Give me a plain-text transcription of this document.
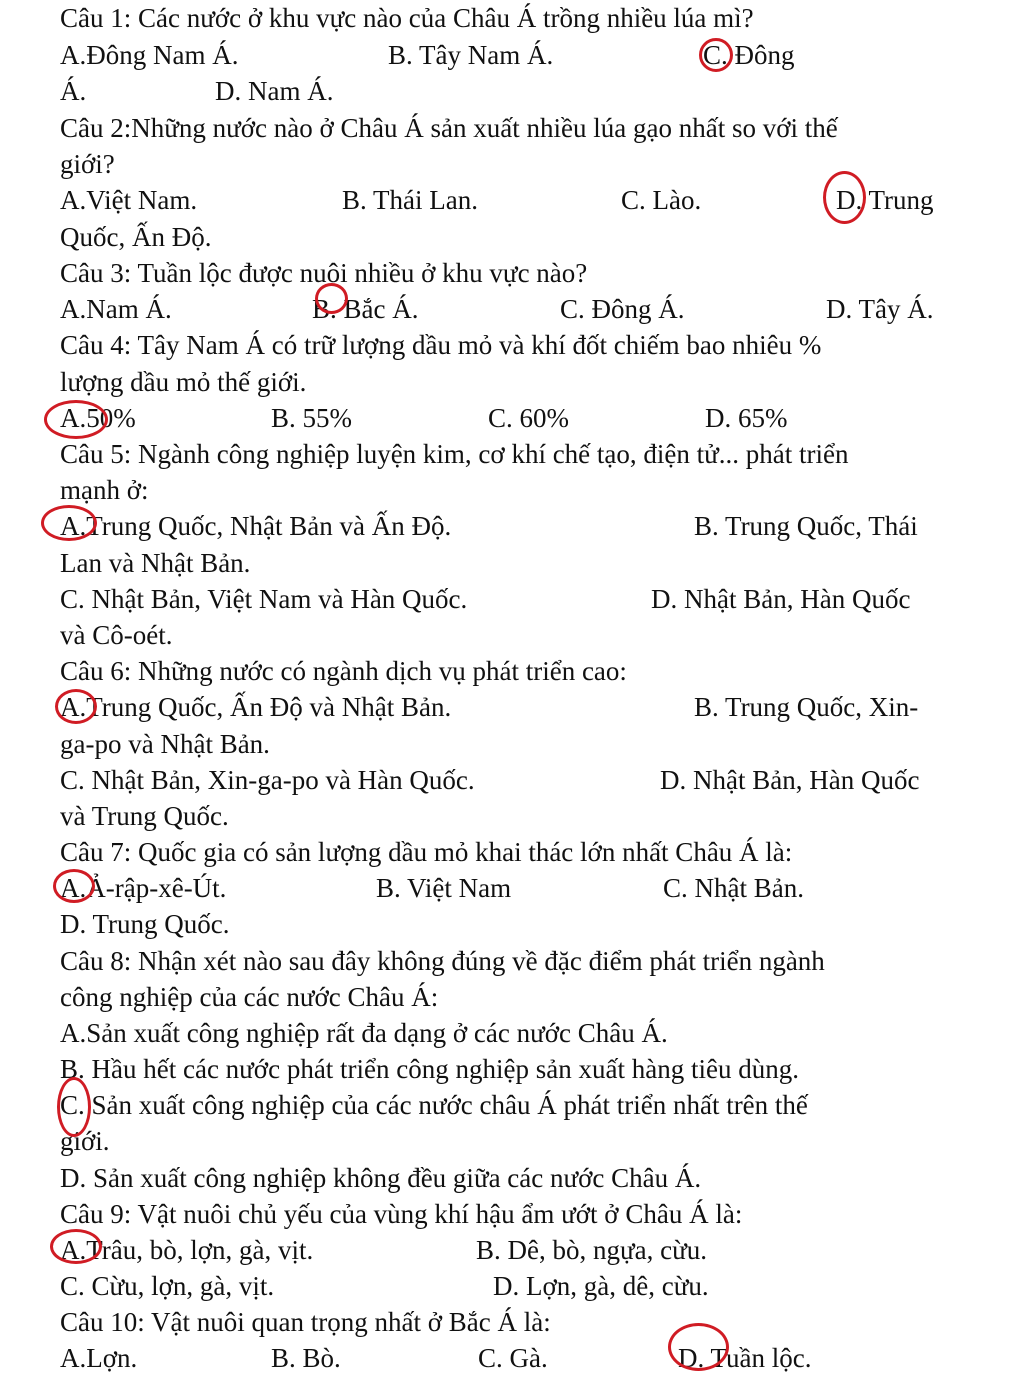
Câu 1: Các nước ở khu vực nào của Châu Á trồng nhiều lúa mì?
A.Đông Nam Á.	B. Tây Nam Á.	C. Đông
Á.	D. Nam Á.
Câu 2:Những nước nào ở Châu Á sản xuất nhiều lúa gạo nhất so với thế
giới?
A.Việt Nam.	B. Thái Lan.	C. Lào.	D. Trung
Quốc, Ấn Độ.
Câu 3: Tuần lộc được nuôi nhiều ở khu vực nào?
A.Nam Á.	B. Bắc Á.	C. Đông Á.	D. Tây Á.
Câu 4: Tây Nam Á có trữ lượng dầu mỏ và khí đốt chiếm bao nhiêu %
lượng dầu mỏ thế giới.
A.50%	B. 55%	C. 60%	D. 65%
Câu 5: Ngành công nghiệp luyện kim, cơ khí chế tạo, điện tử... phát triển
mạnh ở:
A.Trung Quốc, Nhật Bản và Ấn Độ.	B. Trung Quốc, Thái
Lan và Nhật Bản.
C. Nhật Bản, Việt Nam và Hàn Quốc.	D. Nhật Bản, Hàn Quốc
và Cô-oét.
Câu 6: Những nước có ngành dịch vụ phát triển cao:
A.Trung Quốc, Ấn Độ và Nhật Bản.	B. Trung Quốc, Xin-
ga-po và Nhật Bản.
C. Nhật Bản, Xin-ga-po và Hàn Quốc.	D. Nhật Bản, Hàn Quốc
và Trung Quốc.
Câu 7: Quốc gia có sản lượng dầu mỏ khai thác lớn nhất Châu Á là:
A.Ả-rập-xê-Út.	B. Việt Nam	C. Nhật Bản.
D. Trung Quốc.
Câu 8: Nhận xét nào sau đây không đúng về đặc điểm phát triển ngành
công nghiệp của các nước Châu Á:
A.Sản xuất công nghiệp rất đa dạng ở các nước Châu Á.
B. Hầu hết các nước phát triển công nghiệp sản xuất hàng tiêu dùng.
C. Sản xuất công nghiệp của các nước châu Á phát triển nhất trên thế
giới.
D. Sản xuất công nghiệp không đều giữa các nước Châu Á.
Câu 9: Vật nuôi chủ yếu của vùng khí hậu ẩm ướt ở Châu Á là:
A.Trâu, bò, lợn, gà, vịt.	B. Dê, bò, ngựa, cừu.
C. Cừu, lợn, gà, vịt.	D. Lợn, gà, dê, cừu.
Câu 10: Vật nuôi quan trọng nhất ở Bắc Á là:
A.Lợn.	B. Bò.	C. Gà.	D. Tuần lộc.
